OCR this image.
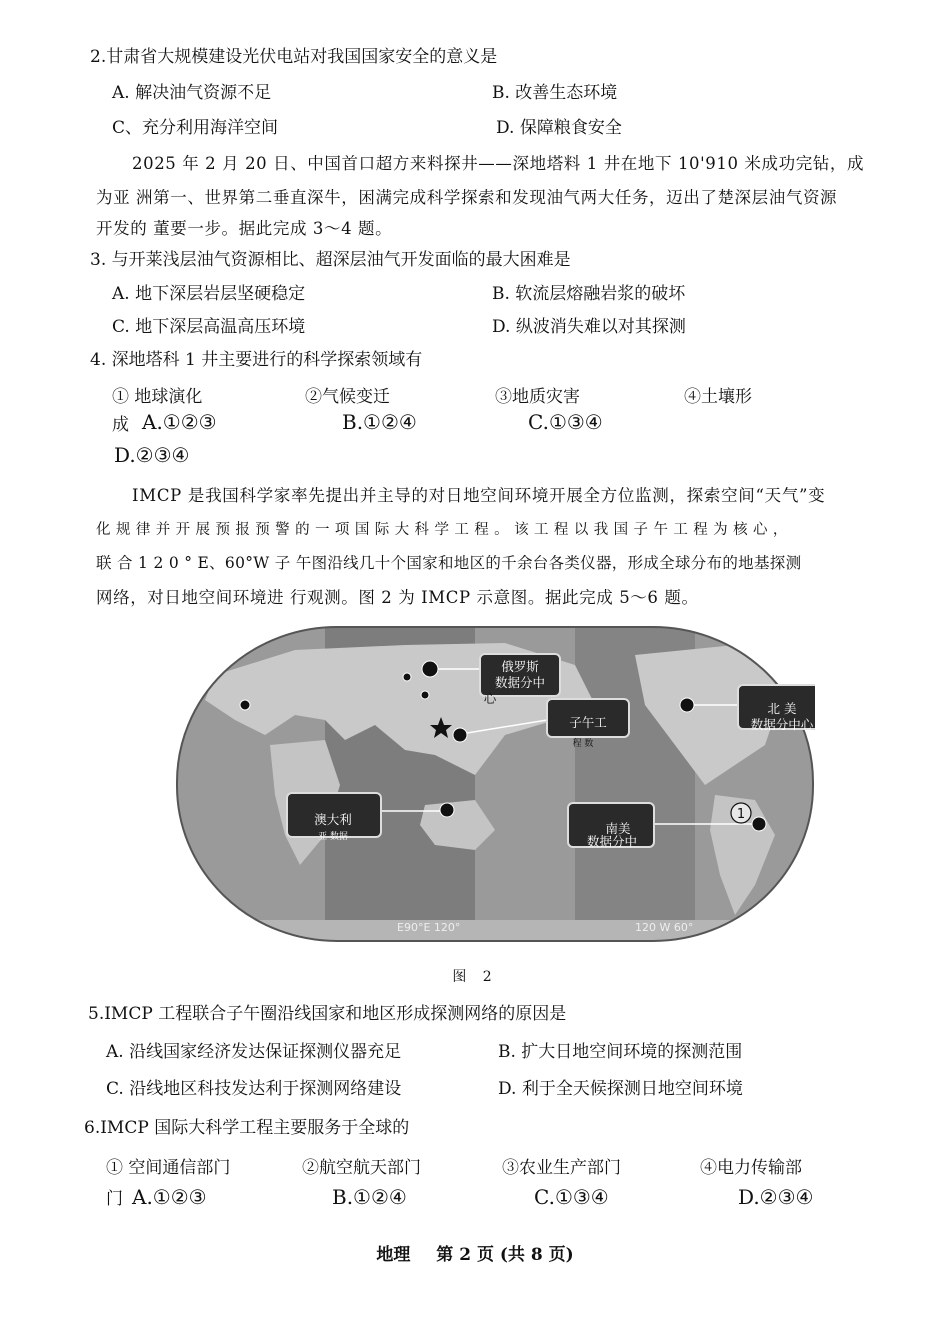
2.甘肃省大规模建设光伏电站对我国国家安全的意义是
A. 解决油气资源不足	B. 改善生态环境
C、充分利用海洋空间	D. 保障粮食安全
2025 年 2 月 20 日、中国首口超方来料探井——深地塔料 1 井在地下 10'910 米成功完钻，成
为亚 洲第一、世界第二垂直深牛，困满完成科学探索和发现油气两大任务，迈出了楚深层油气资源
开发的 董要一步。据此完成 3～4 题。
3. 与开莱浅层油气资源相比、超深层油气开发面临的最大困难是
A. 地下深层岩层坚硬稳定	B. 软流层熔融岩浆的破坏
C. 地下深层高温高压环境	D. 纵波消失难以对其探测
4. 深地塔科 1 井主要进行的科学探索领域有
① 地球演化	②气候变迁	③地质灾害	④土壤形
成 A.①②③	B.①②④	C.①③④
D.②③④
IMCP 是我国科学家率先提出并主导的对日地空间环境开展全方位监测，探索空间“天气”变
化 规 律 并 开 展 预 报 预 警 的 一 项 国 际 大 科 学 工 程 。 该 工 程 以 我 国 子 午 工 程 为 核 心 ，
联 合 1 2 0 ° E、60°W 子 午图沿线几十个国家和地区的千余台各类仪器，形成全球分布的地基探测
网络，对日地空间环境进 行观测。图 2 为 IMCP 示意图。据此完成 5～6 题。
俄罗斯
数据分中
心
子午工
程 数
北 美
数据分中心
澳大利
亚 数据
南美
数据分中
1
E90°E 120°	120 W 60°
图 2
5.IMCP 工程联合子午圈沿线国家和地区形成探测网络的原因是
A. 沿线国家经济发达保证探测仪器充足	B. 扩大日地空间环境的探测范围
C. 沿线地区科技发达利于探测网络建设	D. 利于全天候探测日地空间环境
6.IMCP 国际大科学工程主要服务于全球的
① 空间通信部门	②航空航天部门	③农业生产部门	④电力传输部
门 A.①②③	B.①②④	C.①③④	D.②③④
地理 第 2 页 (共 8 页)
